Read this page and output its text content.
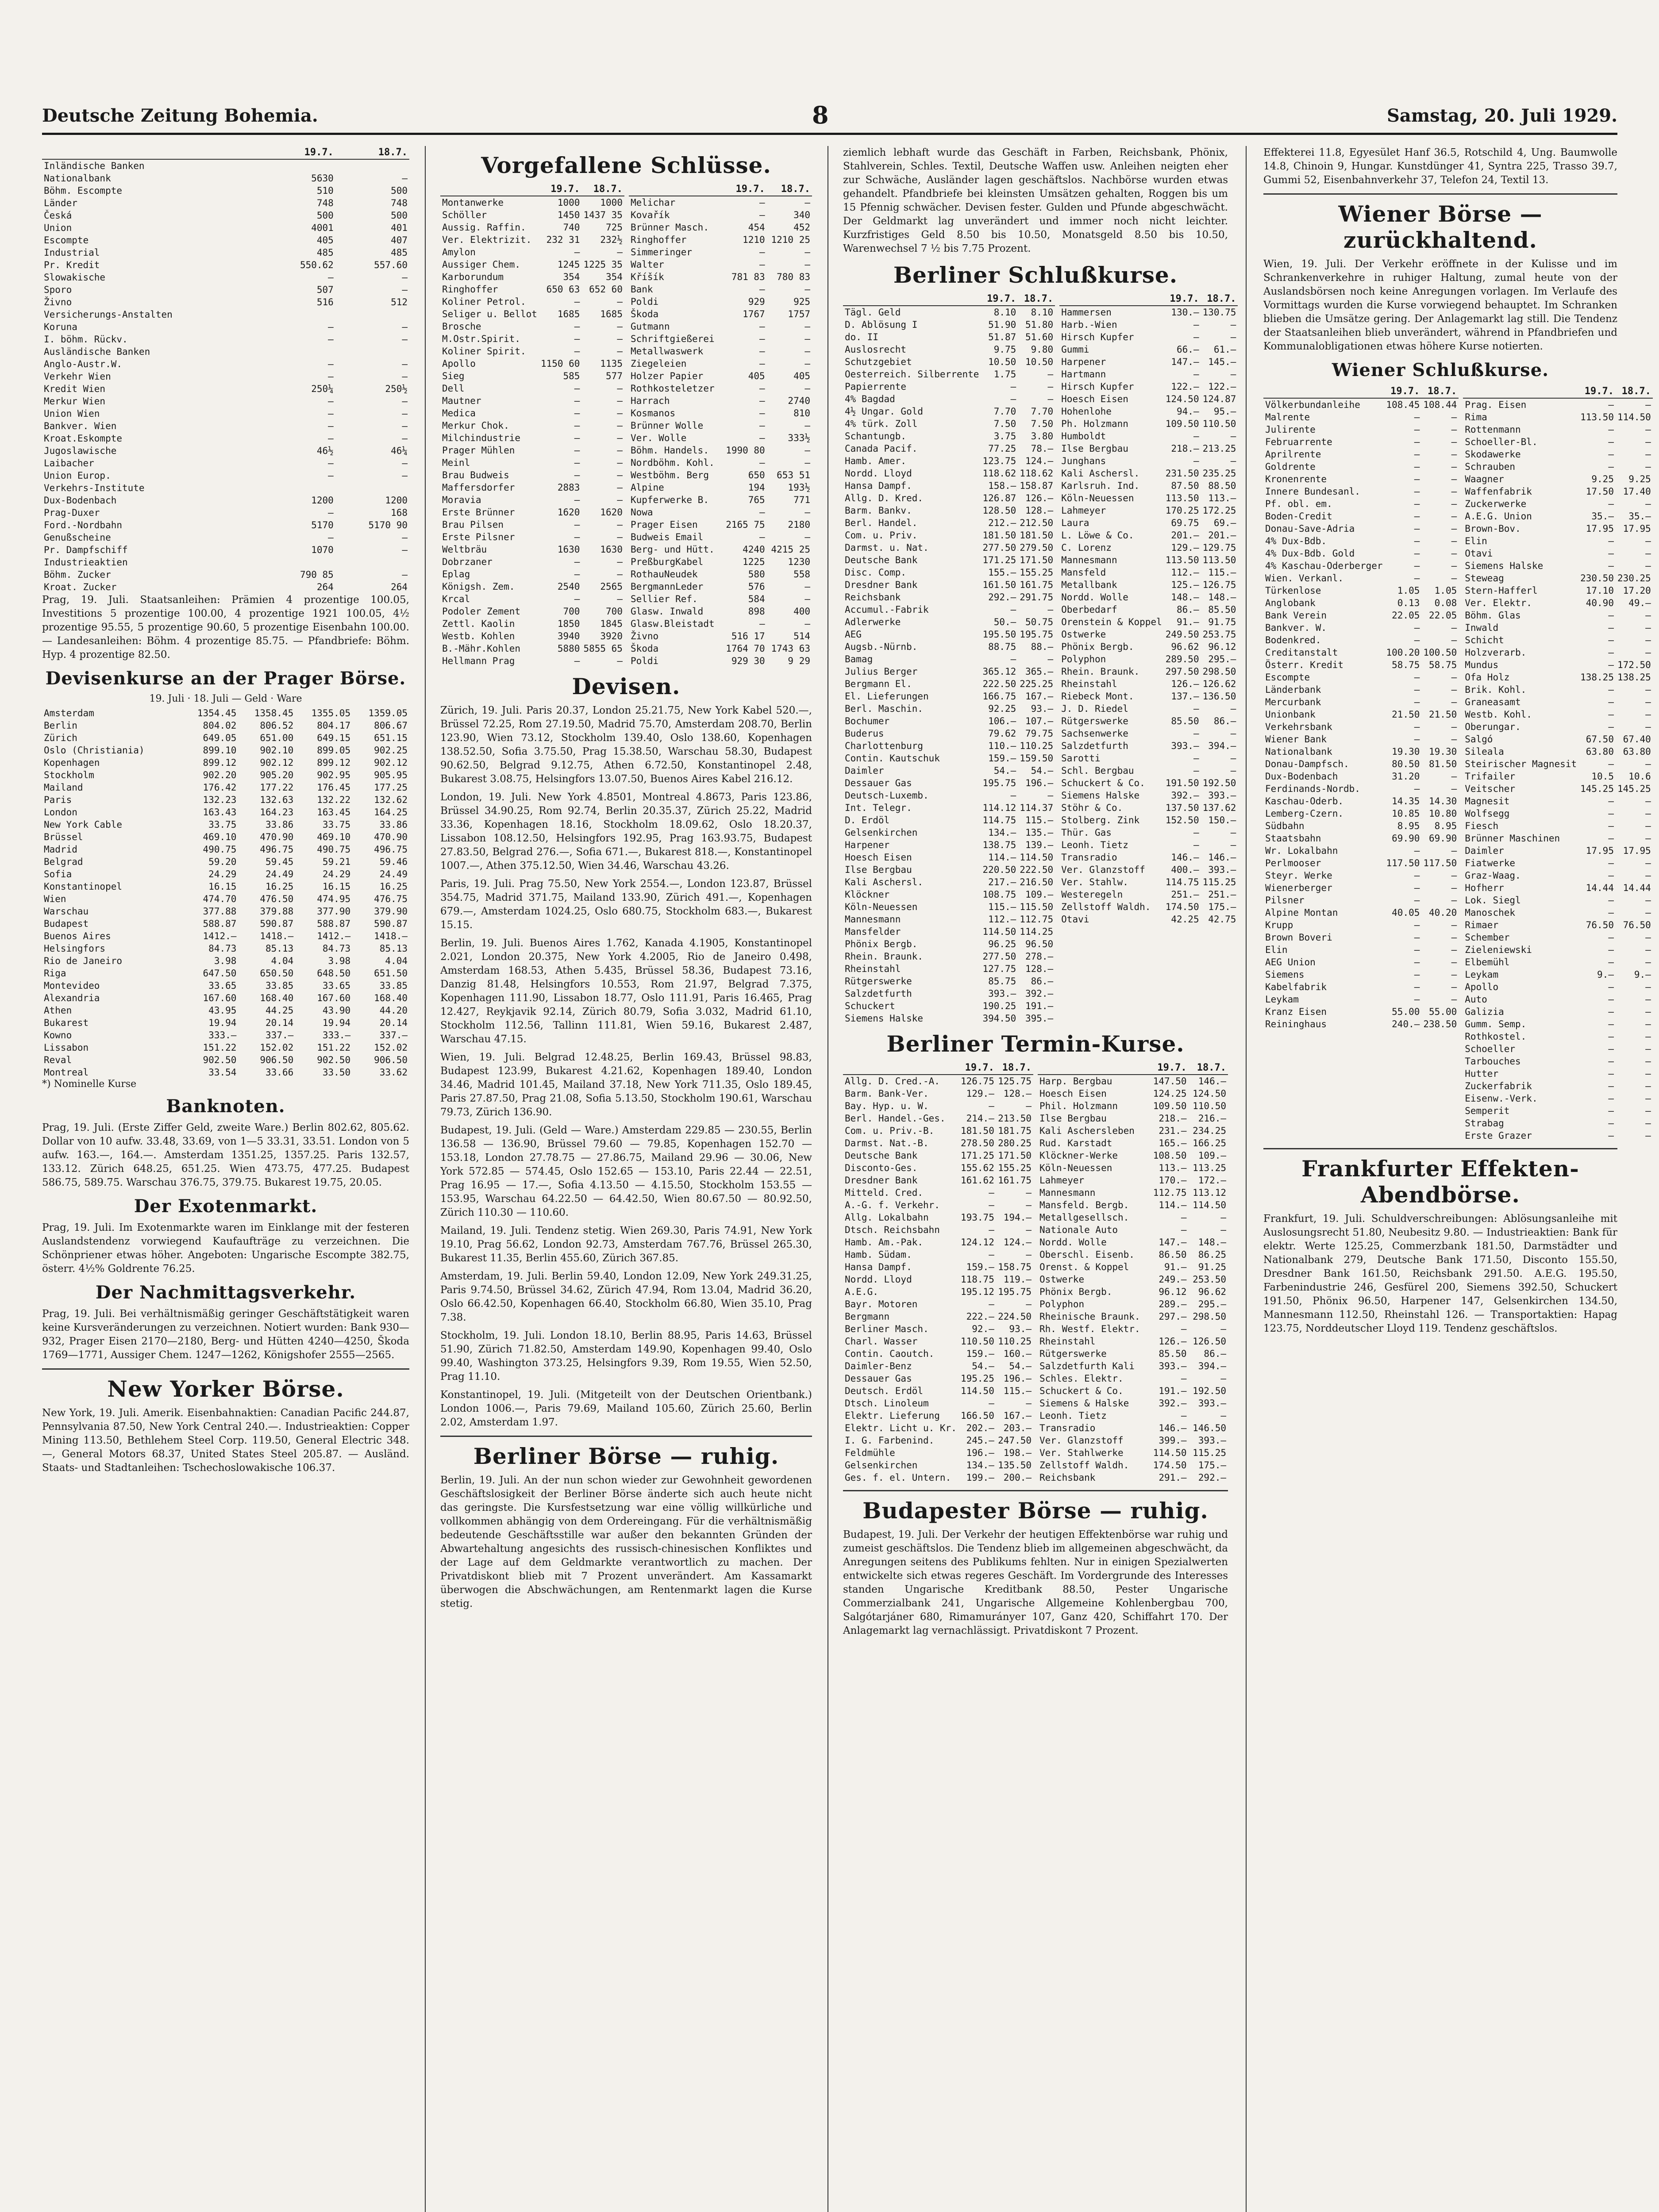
Deutsche Zeitung Bohemia.	8	Samstag, 20. Juli 1929.
	19.7.	18.7.
Inländische Banken		
Nationalbank	5630	—
Böhm. Escompte	510	500
Länder	748	748
Česká	500	500
Union	4001	401
Escompte	405	407
Industrial	485	485
Pr. Kredit	550.62	557.60
Slowakische	—	—
Sporo	507	—
Živno	516	512
Versicherungs-Anstalten		
Koruna	—	—
I. böhm. Rückv.	—	—
Ausländische Banken		
Anglo-Austr.W.	—	—
Verkehr Wien	—	—
Kredit Wien	250¼	250½
Merkur Wien	—	—
Union Wien	—	—
Bankver. Wien	—	—
Kroat.Eskompte	—	—
Jugoslawische	46½	46¼
Laibacher	—	—
Union Europ.	—	—
Verkehrs-Institute		
Dux-Bodenbach	1200	1200
Prag-Duxer	—	168
Ford.-Nordbahn	5170	5170 90
Genußscheine	—	—
Pr. Dampfschiff	1070	—
Industrieaktien		
Böhm. Zucker	790 85	—
Kroat. Zucker	264	264

Prag, 19. Juli. Staatsanleihen: Prämien 4 prozentige 100.05, Investitions 5 prozentige 100.00, 4 prozentige 1921 100.05, 4½ prozentige 95.55, 5 prozentige 90.60, 5 prozentige Eisenbahn 100.00. — Landesanleihen: Böhm. 4 prozentige 85.75. — Pfandbriefe: Böhm. Hyp. 4 prozentige 82.50.

Devisenkurse an der Prager Börse.
19. Juli · 18. Juli — Geld · Ware
Amsterdam	1354.45	1358.45	1355.05	1359.05
Berlin	804.02	806.52	804.17	806.67
Zürich	649.05	651.00	649.15	651.15
Oslo (Christiania)	899.10	902.10	899.05	902.25
Kopenhagen	899.12	902.12	899.12	902.12
Stockholm	902.20	905.20	902.95	905.95
Mailand	176.42	177.22	176.45	177.25
Paris	132.23	132.63	132.22	132.62
London	163.43	164.23	163.45	164.25
New York Cable	33.75	33.86	33.75	33.86
Brüssel	469.10	470.90	469.10	470.90
Madrid	490.75	496.75	490.75	496.75
Belgrad	59.20	59.45	59.21	59.46
Sofia	24.29	24.49	24.29	24.49
Konstantinopel	16.15	16.25	16.15	16.25
Wien	474.70	476.50	474.95	476.75
Warschau	377.88	379.88	377.90	379.90
Budapest	588.87	590.87	588.87	590.87
Buenos Aires	1412.—	1418.—	1412.—	1418.—
Helsingfors	84.73	85.13	84.73	85.13
Rio de Janeiro	3.98	4.04	3.98	4.04
Riga	647.50	650.50	648.50	651.50
Montevideo	33.65	33.85	33.65	33.85
Alexandria	167.60	168.40	167.60	168.40
Athen	43.95	44.25	43.90	44.20
Bukarest	19.94	20.14	19.94	20.14
Kowno	333.—	337.—	333.—	337.—
Lissabon	151.22	152.02	151.22	152.02
Reval	902.50	906.50	902.50	906.50
Montreal	33.54	33.66	33.50	33.62
*) Nominelle Kurse
Banknoten.

Prag, 19. Juli. (Erste Ziffer Geld, zweite Ware.) Berlin 802.62, 805.62. Dollar von 10 aufw. 33.48, 33.69, von 1—5 33.31, 33.51. London von 5 aufw. 163.—, 164.—. Amsterdam 1351.25, 1357.25. Paris 132.57, 133.12. Zürich 648.25, 651.25. Wien 473.75, 477.25. Budapest 586.75, 589.75. Warschau 376.75, 379.75. Bukarest 19.75, 20.05.

Der Exotenmarkt.

Prag, 19. Juli. Im Exotenmarkte waren im Einklange mit der festeren Auslandstendenz vorwiegend Kaufaufträge zu verzeichnen. Die Schönpriener etwas höher. Angeboten: Ungarische Escompte 382.75, österr. 4½% Goldrente 76.25.

Der Nachmittagsverkehr.

Prag, 19. Juli. Bei verhältnismäßig geringer Geschäftstätigkeit waren keine Kursveränderungen zu verzeichnen. Notiert wurden: Bank 930—932, Prager Eisen 2170—2180, Berg- und Hütten 4240—4250, Škoda 1769—1771, Aussiger Chem. 1247—1262, Königshofer 2555—2565.

New Yorker Börse.

New York, 19. Juli. Amerik. Eisenbahnaktien: Canadian Pacific 244.87, Pennsylvania 87.50, New York Central 240.—. Industrieaktien: Copper Mining 113.50, Bethlehem Steel Corp. 119.50, General Electric 348.—, General Motors 68.37, United States Steel 205.87. — Ausländ. Staats- und Stadtanleihen: Tschechoslowakische 106.37.

Vorgefallene Schlüsse.
	19.7.	18.7.
Montanwerke	1000	1000
Schöller	1450	1437 35
Aussig. Raffin.	740	725
Ver. Elektrizit.	232 31	232½
Amylon	—	—
Aussiger Chem.	1245	1225 35
Karborundum	354	354
Ringhoffer	650 63	652 60
Koliner Petrol.	—	—
Seliger u. Bellot	1685	1685
Brosche	—	—
M.Ostr.Spirit.	—	—
Koliner Spirit.	—	—
Apollo	1150 60	1135
Sieg	585	577
Dell	—	—
Mautner	—	—
Medica	—	—
Merkur Chok.	—	—
Milchindustrie	—	—
Prager Mühlen	—	—
Meinl	—	—
Brau Budweis	—	—
Maffersdorfer	2883	—
Moravia	—	—
Erste Brünner	1620	1620
Brau Pilsen	—	—
Erste Pilsner	—	—
Weltbräu	1630	1630
Dobrzaner	—	—
Eplag	—	—
Königsh. Zem.	2540	2565
Krcal	—	—
Podoler Zement	700	700
Zettl. Kaolin	1850	1845
Westb. Kohlen	3940	3920
B.-Mähr.Kohlen	5880	5855 65
Hellmann Prag	—	—
	19.7.	18.7.
Melichar	—	—
Kovařík	—	340
Brünner Masch.	454	452
Ringhoffer	1210	1210 25
Simmeringer	—	—
Walter	—	—
Kříšík	781 83	780 83
Bank	—	—
Poldi	929	925
Škoda	1767	1757
Gutmann	—	—
Schriftgießerei	—	—
Metallwaswerk	—	—
Ziegeleien	—	—
Holzer Papier	405	405
Rothkosteletzer	—	—
Harrach	—	2740
Kosmanos	—	810
Brünner Wolle	—	—
Ver. Wolle	—	333½
Böhm. Handels.	1990 80	—
Nordböhm. Kohl.	—	—
Westböhm. Berg	650	653 51
Alpine	194	193½
Kupferwerke B.	765	771
Nowa	—	—
Prager Eisen	2165 75	2180
Budweis Email	—	—
Berg- und Hütt.	4240	4215 25
PreßburgKabel	1225	1230
RothauNeudek	580	558
BergmannLeder	576	—
Sellier Ref.	584	—
Glasw. Inwald	898	400
Glasw.Bleistadt	—	—
Živno	516 17	514
Škoda	1764 70	1743 63
Poldi	929 30	9 29
Devisen.

Zürich, 19. Juli. Paris 20.37, London 25.21.75, New York Kabel 520.—, Brüssel 72.25, Rom 27.19.50, Madrid 75.70, Amsterdam 208.70, Berlin 123.90, Wien 73.12, Stockholm 139.40, Oslo 138.60, Kopenhagen 138.52.50, Sofia 3.75.50, Prag 15.38.50, Warschau 58.30, Budapest 90.62.50, Belgrad 9.12.75, Athen 6.72.50, Konstantinopel 2.48, Bukarest 3.08.75, Helsingfors 13.07.50, Buenos Aires Kabel 216.12.

London, 19. Juli. New York 4.8501, Montreal 4.8673, Paris 123.86, Brüssel 34.90.25, Rom 92.74, Berlin 20.35.37, Zürich 25.22, Madrid 33.36, Kopenhagen 18.16, Stockholm 18.09.62, Oslo 18.20.37, Lissabon 108.12.50, Helsingfors 192.95, Prag 163.93.75, Budapest 27.83.50, Belgrad 276.—, Sofia 671.—, Bukarest 818.—, Konstantinopel 1007.—, Athen 375.12.50, Wien 34.46, Warschau 43.26.

Paris, 19. Juli. Prag 75.50, New York 2554.—, London 123.87, Brüssel 354.75, Madrid 371.75, Mailand 133.90, Zürich 491.—, Kopenhagen 679.—, Amsterdam 1024.25, Oslo 680.75, Stockholm 683.—, Bukarest 15.15.

Berlin, 19. Juli. Buenos Aires 1.762, Kanada 4.1905, Konstantinopel 2.021, London 20.375, New York 4.2005, Rio de Janeiro 0.498, Amsterdam 168.53, Athen 5.435, Brüssel 58.36, Budapest 73.16, Danzig 81.48, Helsingfors 10.553, Rom 21.97, Belgrad 7.375, Kopenhagen 111.90, Lissabon 18.77, Oslo 111.91, Paris 16.465, Prag 12.427, Reykjavik 92.14, Zürich 80.79, Sofia 3.032, Madrid 61.10, Stockholm 112.56, Tallinn 111.81, Wien 59.16, Bukarest 2.487, Warschau 47.15.

Wien, 19. Juli. Belgrad 12.48.25, Berlin 169.43, Brüssel 98.83, Budapest 123.99, Bukarest 4.21.62, Kopenhagen 189.40, London 34.46, Madrid 101.45, Mailand 37.18, New York 711.35, Oslo 189.45, Paris 27.87.50, Prag 21.08, Sofia 5.13.50, Stockholm 190.61, Warschau 79.73, Zürich 136.90.

Budapest, 19. Juli. (Geld — Ware.) Amsterdam 229.85 — 230.55, Berlin 136.58 — 136.90, Brüssel 79.60 — 79.85, Kopenhagen 152.70 — 153.18, London 27.78.75 — 27.86.75, Mailand 29.96 — 30.06, New York 572.85 — 574.45, Oslo 152.65 — 153.10, Paris 22.44 — 22.51, Prag 16.95 — 17.—, Sofia 4.13.50 — 4.15.50, Stockholm 153.55 — 153.95, Warschau 64.22.50 — 64.42.50, Wien 80.67.50 — 80.92.50, Zürich 110.30 — 110.60.

Mailand, 19. Juli. Tendenz stetig. Wien 269.30, Paris 74.91, New York 19.10, Prag 56.62, London 92.73, Amsterdam 767.76, Brüssel 265.30, Bukarest 11.35, Berlin 455.60, Zürich 367.85.

Amsterdam, 19. Juli. Berlin 59.40, London 12.09, New York 249.31.25, Paris 9.74.50, Brüssel 34.62, Zürich 47.94, Rom 13.04, Madrid 36.20, Oslo 66.42.50, Kopenhagen 66.40, Stockholm 66.80, Wien 35.10, Prag 7.38.

Stockholm, 19. Juli. London 18.10, Berlin 88.95, Paris 14.63, Brüssel 51.90, Zürich 71.82.50, Amsterdam 149.90, Kopenhagen 99.40, Oslo 99.40, Washington 373.25, Helsingfors 9.39, Rom 19.55, Wien 52.50, Prag 11.10.

Konstantinopel, 19. Juli. (Mitgeteilt von der Deutschen Orientbank.) London 1006.—, Paris 79.69, Mailand 105.60, Zürich 25.60, Berlin 2.02, Amsterdam 1.97.

Berliner Börse — ruhig.

Berlin, 19. Juli. An der nun schon wieder zur Gewohnheit gewordenen Geschäftslosigkeit der Berliner Börse änderte sich auch heute nicht das geringste. Die Kursfestsetzung war eine völlig willkürliche und vollkommen abhängig von dem Ordereingang. Für die verhältnismäßig bedeutende Geschäftsstille war außer den bekannten Gründen der Abwartehaltung angesichts des russisch-chinesischen Konfliktes und der Lage auf dem Geldmarkte verantwortlich zu machen. Der Privatdiskont blieb mit 7 Prozent unverändert. Am Kassamarkt überwogen die Abschwächungen, am Rentenmarkt lagen die Kurse stetig.

ziemlich lebhaft wurde das Geschäft in Farben, Reichsbank, Phönix, Stahlverein, Schles. Textil, Deutsche Waffen usw. Anleihen neigten eher zur Schwäche, Ausländer lagen geschäftslos. Nachbörse wurden etwas gehandelt. Pfandbriefe bei kleinsten Umsätzen gehalten, Roggen bis um 15 Pfennig schwächer. Devisen fester. Gulden und Pfunde abgeschwächt. Der Geldmarkt lag unverändert und immer noch nicht leichter. Kurzfristiges Geld 8.50 bis 10.50, Monatsgeld 8.50 bis 10.50, Warenwechsel 7 ½ bis 7.75 Prozent.

Berliner Schlußkurse.
	19.7.	18.7.
Tägl. Geld	8.10	8.10
D. Ablösung I	51.90	51.80
do. II	51.87	51.60
Auslosrecht	9.75	9.80
Schutzgebiet	10.50	10.50
Oesterreich. Silberrente	1.75	—
Papierrente	—	—
4% Bagdad	—	—
4½ Ungar. Gold	7.70	7.70
4% türk. Zoll	7.50	7.50
Schantungb.	3.75	3.80
Canada Pacif.	77.25	78.—
Hamb. Amer.	123.75	124.—
Nordd. Lloyd	118.62	118.62
Hansa Dampf.	158.—	158.87
Allg. D. Kred.	126.87	126.—
Barm. Bankv.	128.50	128.—
Berl. Handel.	212.—	212.50
Com. u. Priv.	181.50	181.50
Darmst. u. Nat.	277.50	279.50
Deutsche Bank	171.25	171.50
Disc. Comp.	155.—	155.25
Dresdner Bank	161.50	161.75
Reichsbank	292.—	291.75
Accumul.-Fabrik	—	—
Adlerwerke	50.—	50.75
AEG	195.50	195.75
Augsb.-Nürnb.	88.75	88.—
Bamag	—	—
Julius Berger	365.12	365.—
Bergmann El.	222.50	225.25
El. Lieferungen	166.75	167.—
Berl. Maschin.	92.25	93.—
Bochumer	106.—	107.—
Buderus	79.62	79.75
Charlottenburg	110.—	110.25
Contin. Kautschuk	159.—	159.50
Daimler	54.—	54.—
Dessauer Gas	195.75	196.—
Deutsch-Luxemb.	—	—
Int. Telegr.	114.12	114.37
D. Erdöl	114.75	115.—
Gelsenkirchen	134.—	135.—
Harpener	138.75	139.—
Hoesch Eisen	114.—	114.50
Ilse Bergbau	220.50	222.50
Kali Aschersl.	217.—	216.50
Klöckner	108.75	109.—
Köln-Neuessen	115.—	115.50
Mannesmann	112.—	112.75
Mansfelder	114.50	114.25
Phönix Bergb.	96.25	96.50
Rhein. Braunk.	277.50	278.—
Rheinstahl	127.75	128.—
Rütgerswerke	85.75	86.—
Salzdetfurth	393.—	392.—
Schuckert	190.25	191.—
Siemens Halske	394.50	395.—
	19.7.	18.7.
Hammersen	130.—	130.75
Harb.-Wien	—	—
Hirsch Kupfer	—	—
Gummi	66.—	61.—
Harpener	147.—	145.—
Hartmann	—	—
Hirsch Kupfer	122.—	122.—
Hoesch Eisen	124.50	124.87
Hohenlohe	94.—	95.—
Ph. Holzmann	109.50	110.50
Humboldt	—	—
Ilse Bergbau	218.—	213.25
Junghans	—	—
Kali Aschersl.	231.50	235.25
Karlsruh. Ind.	87.50	88.50
Köln-Neuessen	113.50	113.—
Lahmeyer	170.25	172.25
Laura	69.75	69.—
L. Löwe & Co.	201.—	201.—
C. Lorenz	129.—	129.75
Mannesmann	113.50	113.50
Mansfeld	112.—	115.—
Metallbank	125.—	126.75
Nordd. Wolle	148.—	148.—
Oberbedarf	86.—	85.50
Orenstein & Koppel	91.—	91.75
Ostwerke	249.50	253.75
Phönix Bergb.	96.62	96.12
Polyphon	289.50	295.—
Rhein. Braunk.	297.50	298.50
Rheinstahl	126.—	126.62
Riebeck Mont.	137.—	136.50
J. D. Riedel	—	—
Rütgerswerke	85.50	86.—
Sachsenwerke	—	—
Salzdetfurth	393.—	394.—
Sarotti	—	—
Schl. Bergbau	—	—
Schuckert & Co.	191.50	192.50
Siemens Halske	392.—	393.—
Stöhr & Co.	137.50	137.62
Stolberg. Zink	152.50	150.—
Thür. Gas	—	—
Leonh. Tietz	—	—
Transradio	146.—	146.—
Ver. Glanzstoff	400.—	393.—
Ver. Stahlw.	114.75	115.25
Westeregeln	251.—	251.—
Zellstoff Waldh.	174.50	175.—
Otavi	42.25	42.75
Berliner Termin-Kurse.
	19.7.	18.7.
Allg. D. Cred.-A.	126.75	125.75
Barm. Bank-Ver.	129.—	128.—
Bay. Hyp. u. W.	—	—
Berl. Handel.-Ges.	214.—	213.50
Com. u. Priv.-B.	181.50	181.75
Darmst. Nat.-B.	278.50	280.25
Deutsche Bank	171.25	171.50
Disconto-Ges.	155.62	155.25
Dresdner Bank	161.62	161.75
Mitteld. Cred.	—	—
A.-G. f. Verkehr.	—	—
Allg. Lokalbahn	193.75	194.—
Dtsch. Reichsbahn	—	—
Hamb. Am.-Pak.	124.12	124.—
Hamb. Südam.	—	—
Hansa Dampf.	159.—	158.75
Nordd. Lloyd	118.75	119.—
A.E.G.	195.12	195.75
Bayr. Motoren	—	—
Bergmann	222.—	224.50
Berliner Masch.	92.—	93.—
Charl. Wasser	110.50	110.25
Contin. Caoutch.	159.—	160.—
Daimler-Benz	54.—	54.—
Dessauer Gas	195.25	196.—
Deutsch. Erdöl	114.50	115.—
Dtsch. Linoleum	—	—
Elektr. Lieferung	166.50	167.—
Elektr. Licht u. Kr.	202.—	203.—
I. G. Farbenind.	245.—	247.50
Feldmühle	196.—	198.—
Gelsenkirchen	134.—	135.50
Ges. f. el. Untern.	199.—	200.—
	19.7.	18.7.
Harp. Bergbau	147.50	146.—
Hoesch Eisen	124.25	124.50
Phil. Holzmann	109.50	110.50
Ilse Bergbau	218.—	216.—
Kali Aschersleben	231.—	234.25
Rud. Karstadt	165.—	166.25
Klöckner-Werke	108.50	109.—
Köln-Neuessen	113.—	113.25
Lahmeyer	170.—	172.—
Mannesmann	112.75	113.12
Mansfeld. Bergb.	114.—	114.50
Metallgesellsch.	—	—
Nationale Auto	—	—
Nordd. Wolle	147.—	148.—
Oberschl. Eisenb.	86.50	86.25
Orenst. & Koppel	91.—	91.25
Ostwerke	249.—	253.50
Phönix Bergb.	96.12	96.62
Polyphon	289.—	295.—
Rheinische Braunk.	297.—	298.50
Rh. Westf. Elektr.	—	—
Rheinstahl	126.—	126.50
Rütgerswerke	85.50	86.—
Salzdetfurth Kali	393.—	394.—
Schles. Elektr.	—	—
Schuckert & Co.	191.—	192.50
Siemens & Halske	392.—	393.—
Leonh. Tietz	—	—
Transradio	146.—	146.50
Ver. Glanzstoff	399.—	393.—
Ver. Stahlwerke	114.50	115.25
Zellstoff Waldh.	174.50	175.—
Reichsbank	291.—	292.—
Budapester Börse — ruhig.

Budapest, 19. Juli. Der Verkehr der heutigen Effektenbörse war ruhig und zumeist geschäftslos. Die Tendenz blieb im allgemeinen abgeschwächt, da Anregungen seitens des Publikums fehlten. Nur in einigen Spezialwerten entwickelte sich etwas regeres Geschäft. Im Vordergrunde des Interesses standen Ungarische Kreditbank 88.50, Pester Ungarische Commerzialbank 241, Ungarische Allgemeine Kohlenbergbau 700, Salgótarjáner 680, Rimamurányer 107, Ganz 420, Schiffahrt 170. Der Anlagemarkt lag vernachlässigt. Privatdiskont 7 Prozent.

Effekterei 11.8, Egyesület Hanf 36.5, Rotschild 4, Ung. Baumwolle 14.8, Chinoin 9, Hungar. Kunstdünger 41, Syntra 225, Trasso 39.7, Gummi 52, Eisenbahnverkehr 37, Telefon 24, Textil 13.

Wiener Börse — zurückhaltend.

Wien, 19. Juli. Der Verkehr eröffnete in der Kulisse und im Schrankenverkehre in ruhiger Haltung, zumal heute von der Auslandsbörsen noch keine Anregungen vorlagen. Im Verlaufe des Vormittags wurden die Kurse vorwiegend behauptet. Im Schranken blieben die Umsätze gering. Der Anlagemarkt lag still. Die Tendenz der Staatsanleihen blieb unverändert, während in Pfandbriefen und Kommunalobligationen etwas höhere Kurse notierten.

Wiener Schlußkurse.
	19.7.	18.7.
Völkerbundanleihe	108.45	108.44
Malrente	—	—
Julirente	—	—
Februarrente	—	—
Aprilrente	—	—
Goldrente	—	—
Kronenrente	—	—
Innere Bundesanl.	—	—
Pf. obl. em.	—	—
Boden-Credit	—	—
Donau-Save-Adria	—	—
4% Dux-Bdb.	—	—
4% Dux-Bdb. Gold	—	—
4% Kaschau-Oderberger	—	—
Wien. Verkanl.	—	—
Türkenlose	1.05	1.05
Anglobank	0.13	0.08
Bank Verein	22.05	22.05
Bankver. W.	—	—
Bodenkred.	—	—
Creditanstalt	100.20	100.50
Österr. Kredit	58.75	58.75
Escompte	—	—
Länderbank	—	—
Mercurbank	—	—
Unionbank	21.50	21.50
Verkehrsbank	—	—
Wiener Bank	—	—
Nationalbank	19.30	19.30
Donau-Dampfsch.	80.50	81.50
Dux-Bodenbach	31.20	—
Ferdinands-Nordb.	—	—
Kaschau-Oderb.	14.35	14.30
Lemberg-Czern.	10.85	10.80
Südbahn	8.95	8.95
Staatsbahn	69.90	69.90
Wr. Lokalbahn	—	—
Perlmooser	117.50	117.50
Steyr. Werke	—	—
Wienerberger	—	—
Pilsner	—	—
Alpine Montan	40.05	40.20
Krupp	—	—
Brown Boveri	—	—
Elin	—	—
AEG Union	—	—
Siemens	—	—
Kabelfabrik	—	—
Leykam	—	—
Kranz Eisen	55.00	55.00
Reininghaus	240.—	238.50
	19.7.	18.7.
Prag. Eisen	—	—
Rima	113.50	114.50
Rottenmann	—	—
Schoeller-Bl.	—	—
Skodawerke	—	—
Schrauben	—	—
Waagner	9.25	9.25
Waffenfabrik	17.50	17.40
Zuckerwerke	—	—
A.E.G. Union	35.—	35.—
Brown-Bov.	17.95	17.95
Elin	—	—
Otavi	—	—
Siemens Halske	—	—
Steweag	230.50	230.25
Stern-Hafferl	17.10	17.20
Ver. Elektr.	40.90	49.—
Böhm. Glas	—	—
Inwald	—	—
Schicht	—	—
Holzverarb.	—	—
Mundus	—	172.50
Ofa Holz	138.25	138.25
Brik. Kohl.	—	—
Graneasamt	—	—
Westb. Kohl.	—	—
Oberungar.	—	—
Salgó	67.50	67.40
Sileala	63.80	63.80
Steirischer Magnesit	—	—
Trifailer	10.5	10.6
Veitscher	145.25	145.25
Magnesit	—	—
Wolfsegg	—	—
Fiesch	—	—
Brünner Maschinen	—	—
Daimler	17.95	17.95
Fiatwerke	—	—
Graz-Waag.	—	—
Hofherr	14.44	14.44
Lok. Siegl	—	—
Manoschek	—	—
Rimaer	76.50	76.50
Schember	—	—
Zieleniewski	—	—
Elbemühl	—	—
Leykam	9.—	9.—
Apollo	—	—
Auto	—	—
Galizia	—	—
Gumm. Semp.	—	—
Rothkostel.	—	—
Schoeller	—	—
Tarbouches	—	—
Hutter	—	—
Zuckerfabrik	—	—
Eisenw.-Verk.	—	—
Semperit	—	—
Strabag	—	—
Erste Grazer	—	—
Frankfurter Effekten-Abendbörse.

Frankfurt, 19. Juli. Schuldverschreibungen: Ablösungsanleihe mit Auslosungsrecht 51.80, Neubesitz 9.80. — Industrieaktien: Bank für elektr. Werte 125.25, Commerzbank 181.50, Darmstädter und Nationalbank 279, Deutsche Bank 171.50, Disconto 155.50, Dresdner Bank 161.50, Reichsbank 291.50. A.E.G. 195.50, Farbenindustrie 246, Gesfürel 200, Siemens 392.50, Schuckert 191.50, Phönix 96.50, Harpener 147, Gelsenkirchen 134.50, Mannesmann 112.50, Rheinstahl 126. — Transportaktien: Hapag 123.75, Norddeutscher Lloyd 119. Tendenz geschäftslos.
